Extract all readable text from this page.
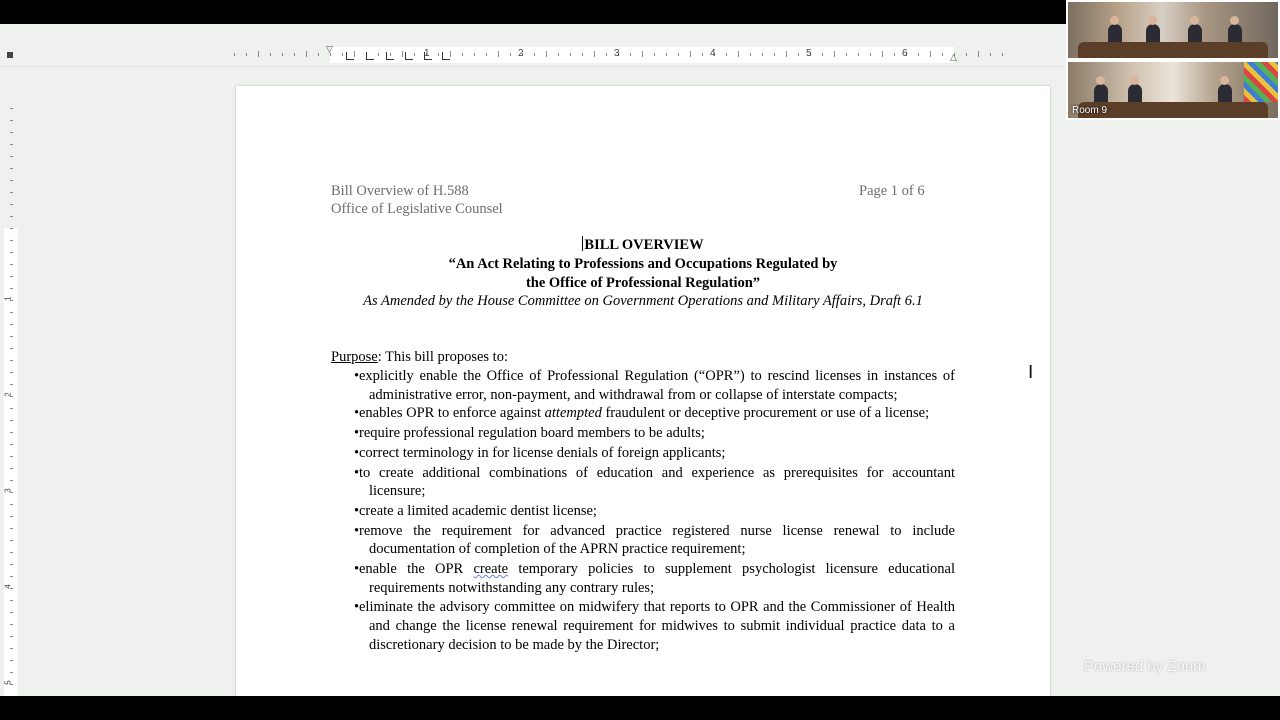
1	2	3	4	5	6
▽
△
1
2
3
4
5
Bill Overview of H.588
Office of Legislative Counsel
Page 1 of 6
BILL OVERVIEW
“An Act Relating to Professions and Occupations Regulated by
the Office of Professional Regulation”
As Amended by the House Committee on Government Operations and Military Affairs, Draft 6.1
Purpose: This bill proposes to:
• explicitly enable the Office of Professional Regulation (“OPR”) to rescind licenses in instances of administrative error, non-payment, and withdrawal from or collapse of interstate compacts;
• enables OPR to enforce against attempted fraudulent or deceptive procurement or use of a license;
• require professional regulation board members to be adults;
• correct terminology in for license denials of foreign applicants;
• to create additional combinations of education and experience as prerequisites for accountant licensure;
• create a limited academic dentist license;
• remove the requirement for advanced practice registered nurse license renewal to include documentation of completion of the APRN practice requirement;
• enable the OPR create temporary policies to supplement psychologist licensure educational requirements notwithstanding any contrary rules;
• eliminate the advisory committee on midwifery that reports to OPR and the Commissioner of Health and change the license renewal requirement for midwives to submit individual practice data to a discretionary decision to be made by the Director;
I
Room 9
Powered by Zoom
